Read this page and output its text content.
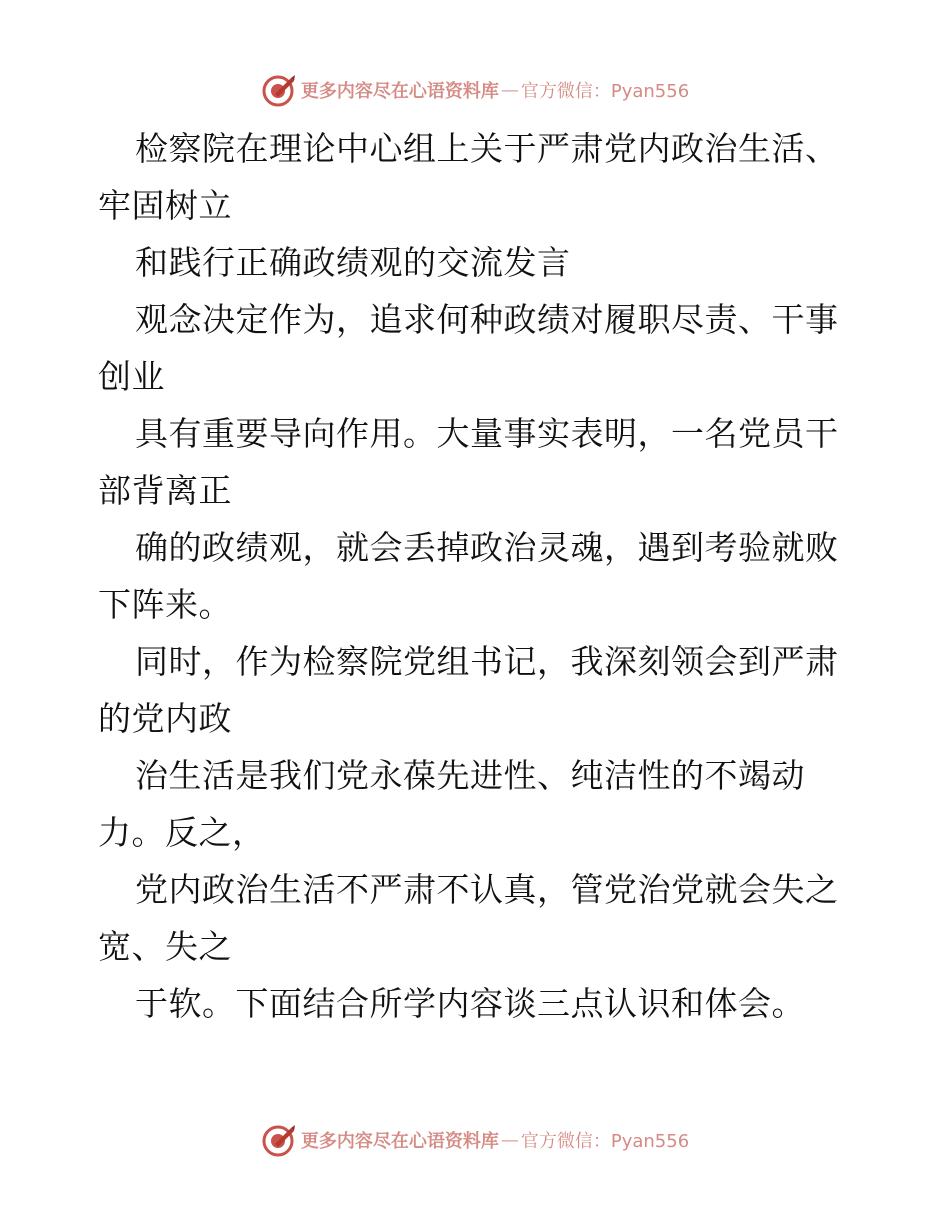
更多内容尽在心语资料库 — 官方微信：Pyan556
检察院在理论中心组上关于严肃党内政治生活、
牢固树立
和践行正确政绩观的交流发言
观念决定作为，追求何种政绩对履职尽责、干事
创业
具有重要导向作用。大量事实表明，一名党员干
部背离正
确的政绩观，就会丢掉政治灵魂，遇到考验就败
下阵来。
同时，作为检察院党组书记，我深刻领会到严肃
的党内政
治生活是我们党永葆先进性、纯洁性的不竭动
力。反之，
党内政治生活不严肃不认真，管党治党就会失之
宽、失之
于软。下面结合所学内容谈三点认识和体会。
更多内容尽在心语资料库 — 官方微信：Pyan556
